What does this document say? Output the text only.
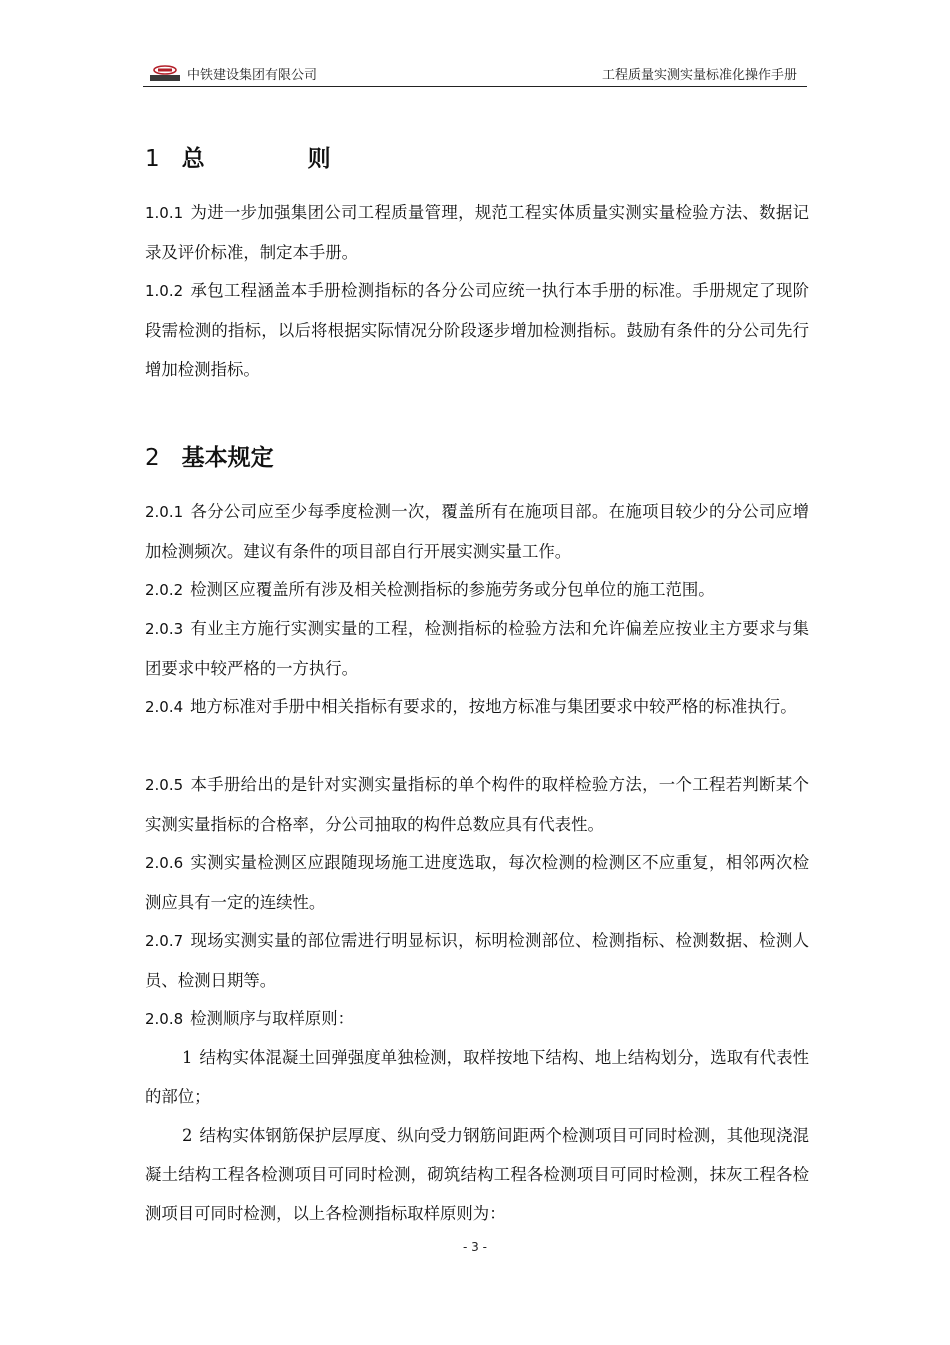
中铁建设集团有限公司	工程质量实测实量标准化操作手册
1 总　则
1.0.1 为进一步加强集团公司工程质量管理，规范工程实体质量实测实量检验方法、数据记录及评价标准，制定本手册。
1.0.2 承包工程涵盖本手册检测指标的各分公司应统一执行本手册的标准。手册规定了现阶段需检测的指标，以后将根据实际情况分阶段逐步增加检测指标。鼓励有条件的分公司先行增加检测指标。
2 基本规定
2.0.1 各分公司应至少每季度检测一次，覆盖所有在施项目部。在施项目较少的分公司应增加检测频次。建议有条件的项目部自行开展实测实量工作。
2.0.2 检测区应覆盖所有涉及相关检测指标的参施劳务或分包单位的施工范围。
2.0.3 有业主方施行实测实量的工程，检测指标的检验方法和允许偏差应按业主方要求与集团要求中较严格的一方执行。
2.0.4 地方标准对手册中相关指标有要求的，按地方标准与集团要求中较严格的标准执行。
2.0.5 本手册给出的是针对实测实量指标的单个构件的取样检验方法，一个工程若判断某个实测实量指标的合格率，分公司抽取的构件总数应具有代表性。
2.0.6 实测实量检测区应跟随现场施工进度选取，每次检测的检测区不应重复，相邻两次检测应具有一定的连续性。
2.0.7 现场实测实量的部位需进行明显标识，标明检测部位、检测指标、检测数据、检测人员、检测日期等。
2.0.8 检测顺序与取样原则：
1 结构实体混凝土回弹强度单独检测，取样按地下结构、地上结构划分，选取有代表性的部位；
2 结构实体钢筋保护层厚度、纵向受力钢筋间距两个检测项目可同时检测，其他现浇混凝土结构工程各检测项目可同时检测，砌筑结构工程各检测项目可同时检测，抹灰工程各检测项目可同时检测，以上各检测指标取样原则为：
- 3 -
